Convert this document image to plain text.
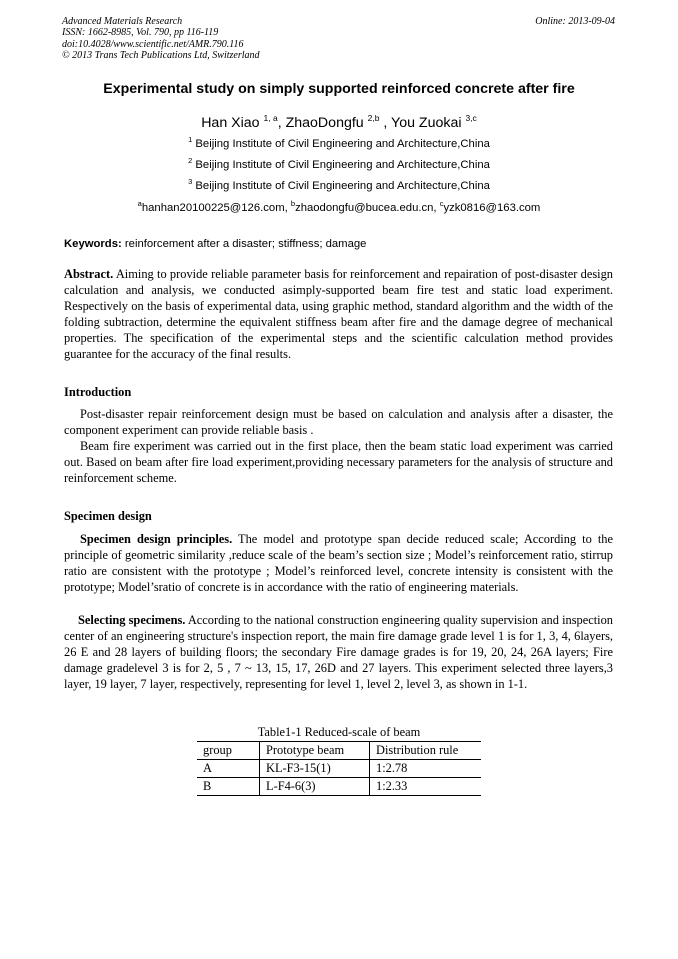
Advanced Materials Research
ISSN: 1662-8985, Vol. 790, pp 116-119
doi:10.4028/www.scientific.net/AMR.790.116
© 2013 Trans Tech Publications Ltd, Switzerland
Online: 2013-09-04
Experimental study on simply supported reinforced concrete after fire
Han Xiao $^{1, a}$, ZhaoDongfu $^{2,b}$ , You Zuokai $^{3,c}$
$^1$ Beijing Institute of Civil Engineering and Architecture,China
$^2$ Beijing Institute of Civil Engineering and Architecture,China
$^3$ Beijing Institute of Civil Engineering and Architecture,China
$^a$hanhan20100225@126.com, $^b$zhaodongfu@bucea.edu.cn, $^c$yzk0816@163.com
Keywords: reinforcement after a disaster; stiffness; damage
Abstract. Aiming to provide reliable parameter basis for reinforcement and repairation of post-disaster design calculation and analysis, we conducted asimply-supported beam fire test and static load experiment. Respectively on the basis of experimental data, using graphic method, standard algorithm and the width of the folding subtraction, determine the equivalent stiffness beam after fire and the damage degree of mechanical properties. The specification of the experimental steps and the scientific calculation method provides guarantee for the accuracy of the final results.
Introduction
Post-disaster repair reinforcement design must be based on calculation and analysis after a disaster, the component experiment can provide reliable basis .
Beam fire experiment was carried out in the first place, then the beam static load experiment was carried out. Based on beam after fire load experiment,providing necessary parameters for the analysis of structure and reinforcement scheme.
Specimen design
Specimen design principles. The model and prototype span decide reduced scale; According to the principle of geometric similarity ,reduce scale of the beam’s section size ; Model’s reinforcement ratio, stirrup ratio are consistent with the prototype ; Model’s reinforced level, concrete intensity is consistent with the prototype; Model’sratio of concrete is in accordance with the ratio of engineering materials.
Selecting specimens. According to the national construction engineering quality supervision and inspection center of an engineering structure's inspection report, the main fire damage grade level 1 is for 1, 3, 4, 6layers, 26 E and 28 layers of building floors; the secondary Fire damage grades is for 19, 20, 24, 26A layers; Fire damage gradelevel 3 is for 2, 5 , 7 ~ 13, 15, 17, 26D and 27 layers. This experiment selected three layers,3 layer, 19 layer, 7 layer, respectively, representing for level 1, level 2, level 3, as shown in 1-1.
Table1-1 Reduced-scale of beam
group	Prototype beam	Distribution rule
A	KL-F3-15(1)	1:2.78
B	L-F4-6(3)	1:2.33
